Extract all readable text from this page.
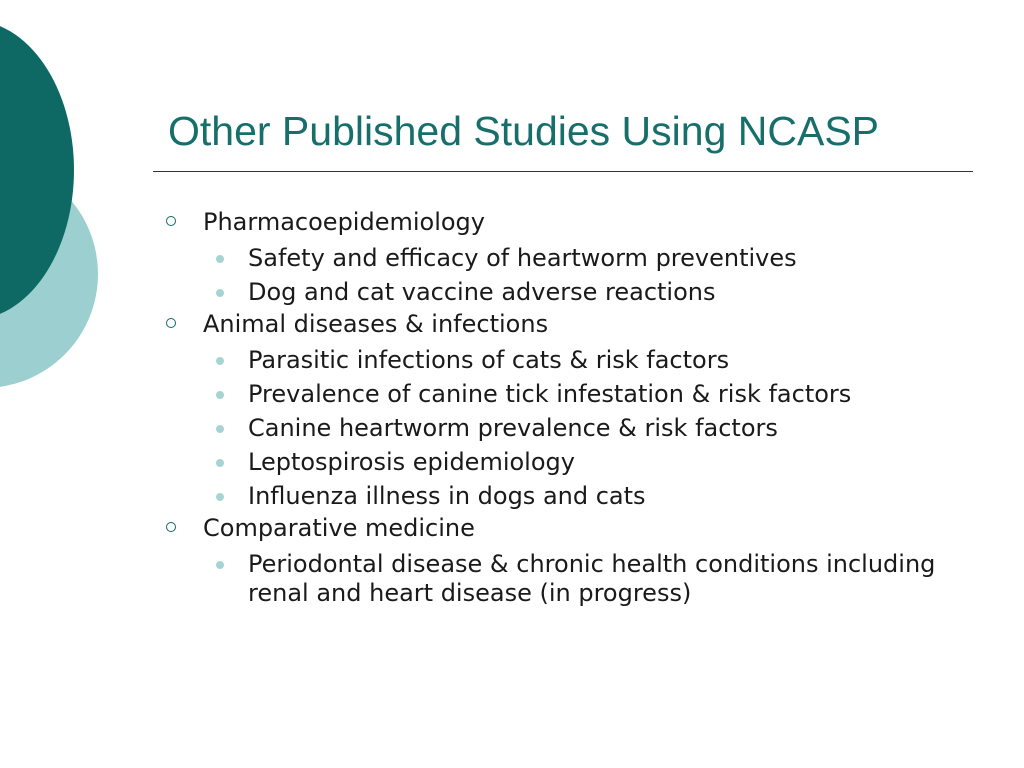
Other Published Studies Using NCASP
Pharmacoepidemiology
Safety and efficacy of heartworm preventives
Dog and cat vaccine adverse reactions
Animal diseases & infections
Parasitic infections of cats & risk factors
Prevalence of canine tick infestation & risk factors
Canine heartworm prevalence & risk factors
Leptospirosis epidemiology
Influenza illness in dogs and cats
Comparative medicine
Periodontal disease & chronic health conditions including renal and heart disease (in progress)
